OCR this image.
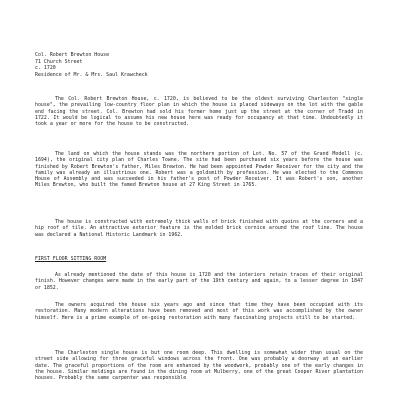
Col. Robert Brewton House
71 Church Street
c. 1720
Residence of Mr. & Mrs. Saul Krawcheck

The Col. Robert Brewton House, c. 1720, is believed to be the oldest surviving Charleston "single house", the prevailing low-country floor plan in which the house is placed sideways on the lot with the gable end facing the street. Col. Brewton had sold his former home just up the street at the corner of Tradd in 1722. It would be logical to assume his new house here was ready for occupancy at that time. Undoubtedly it took a year or more for the house to be constructed.

The land on which the house stands was the northern portion of Lot. No. 57 of the Grand Modell (c. 1694), the original city plan of Charles Towne. The site had been purchased six years before the house was finished by Robert Brewton's father, Miles Brewton. He had been appointed Powder Receiver for the city and the family was already an illustrious one. Robert was a goldsmith by profession. He was elected to the Commons House of Assembly and was succeeded in his father's post of Powder Receiver. It was Robert's son, another Miles Brewton, who built the famed Brewton house at 27 King Street in 1765.

The house is constructed with extremely thick walls of brick finished with quoins at the corners and a hip roof of tile. An attractive exterior feature is the molded brick cornice around the roof line. The house was declared a National Historic Landmark in 1962.

FIRST FLOOR SITTING ROOM

As already mentioned the date of this house is 1720 and the interiors retain traces of their original finish. However changes were made in the early part of the 19th century and again, to a lesser degree in 1847 or 1852.

The owners acquired the house six years ago and since that time they have been occupied with its restoration. Many modern alterations have been removed and most of this work was accomplished by the owner himself. Here is a prime example of on-going restoration with many fascinating projects still to be started.

The Charleston single house is but one room deep. This dwelling is somewhat wider than usual on the street side allowing for three graceful windows across the front. One was probably a doorway at an earlier date. The graceful proportions of the room are enhanced by the woodwork, probably one of the early changes in the house. Similar moldings are found in the dining room at Mulberry, one of the great Cooper River plantation houses. Probably the same carpenter was responsible
